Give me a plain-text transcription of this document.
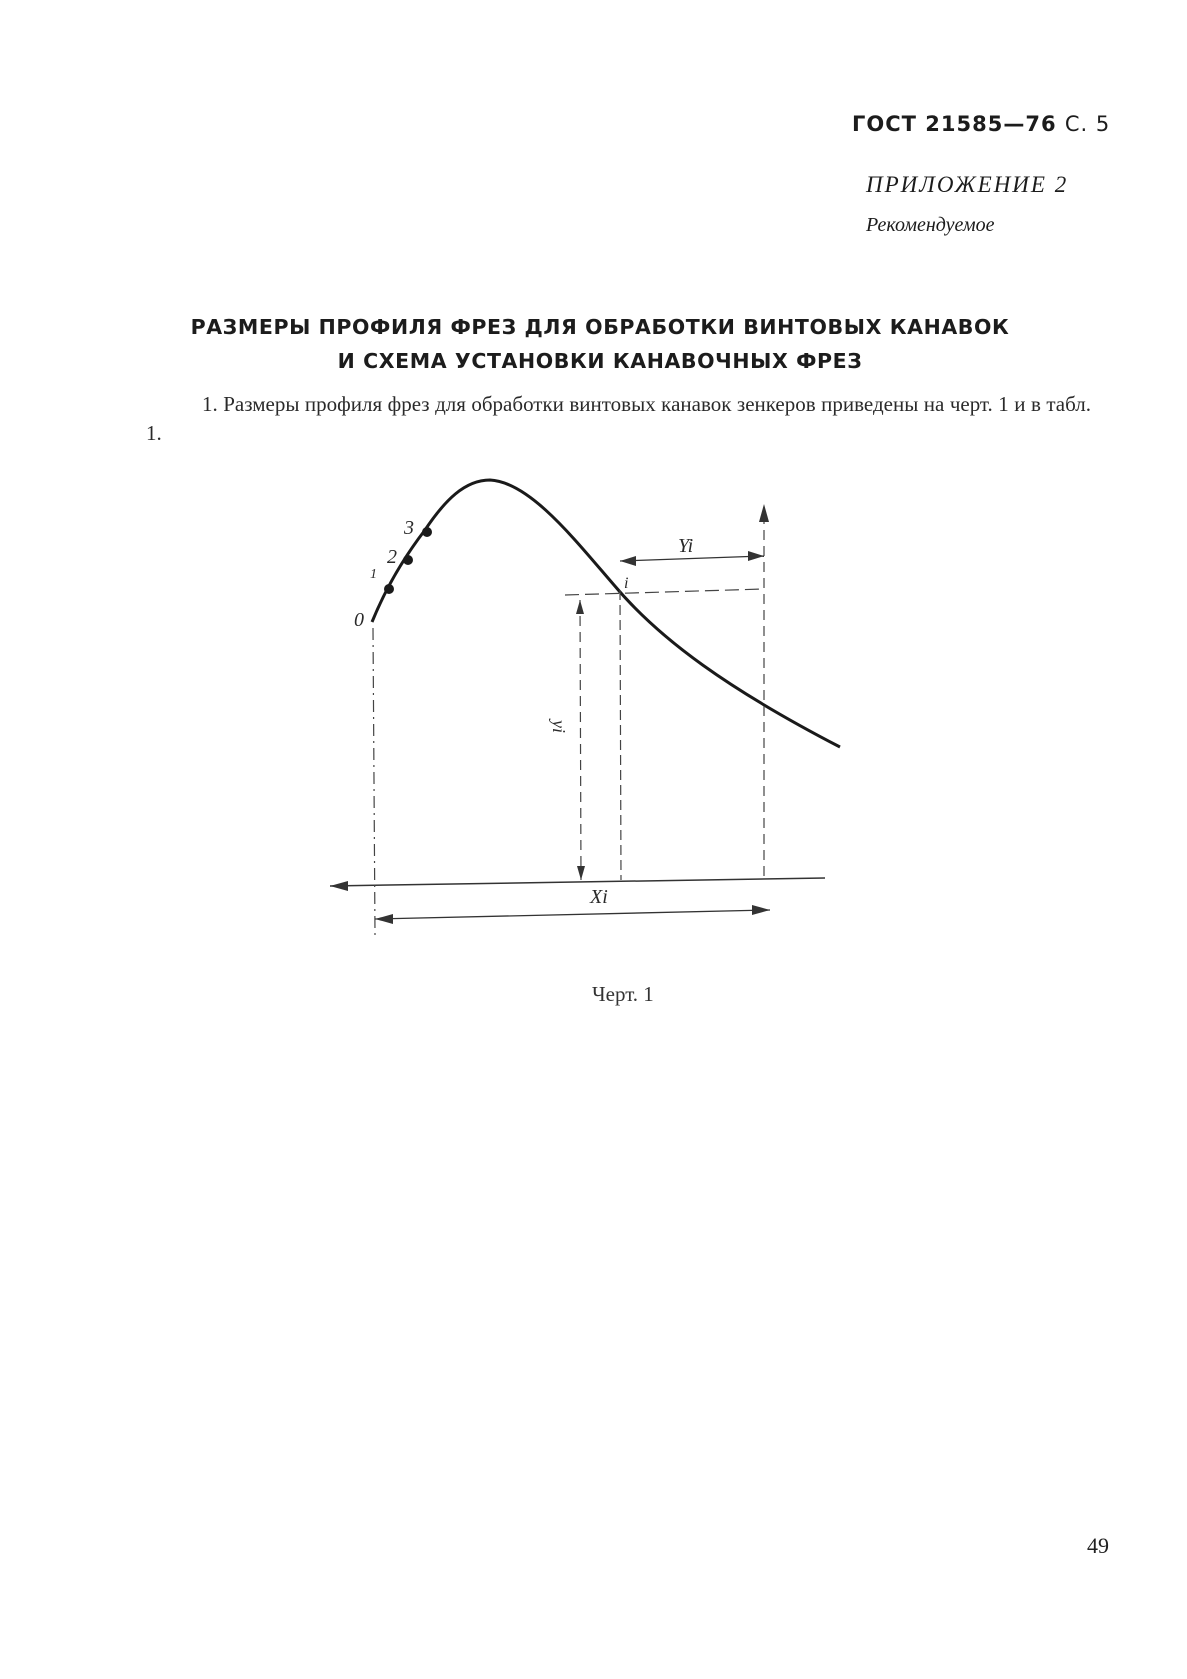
ГОСТ 21585—76 С. 5
ПРИЛОЖЕНИЕ 2
Рекомендуемое
РАЗМЕРЫ ПРОФИЛЯ ФРЕЗ ДЛЯ ОБРАБОТКИ ВИНТОВЫХ КАНАВОК
И СХЕМА УСТАНОВКИ КАНАВОЧНЫХ ФРЕЗ
1. Размеры профиля фрез для обработки винтовых канавок зенкеров приведены на черт. 1 и в табл. 1.
0
1
2
3
Yi
i
yi
Xi
Черт. 1
49
